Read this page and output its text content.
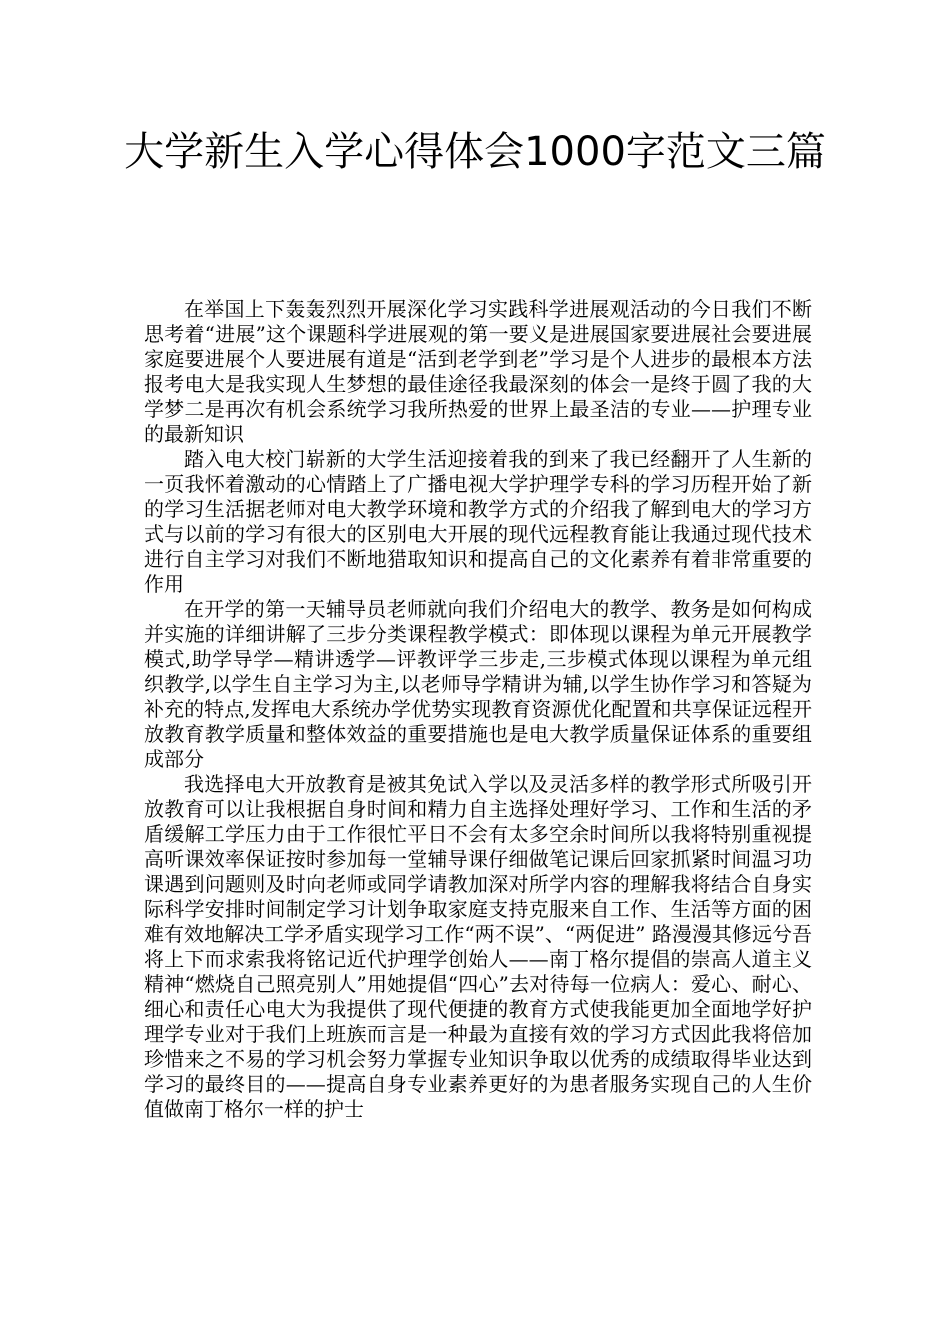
大学新生入学心得体会1000字范文三篇

在举国上下轰轰烈烈开展深化学习实践科学进展观活动的今日我们不断思考着“进展”这个课题科学进展观的第一要义是进展国家要进展社会要进展家庭要进展个人要进展有道是“活到老学到老”学习是个人进步的最根本方法报考电大是我实现人生梦想的最佳途径我最深刻的体会一是终于圆了我的大学梦二是再次有机会系统学习我所热爱的世界上最圣洁的专业——护理专业的最新知识

踏入电大校门崭新的大学生活迎接着我的到来了我已经翻开了人生新的一页我怀着激动的心情踏上了广播电视大学护理学专科的学习历程开始了新的学习生活据老师对电大教学环境和教学方式的介绍我了解到电大的学习方式与以前的学习有很大的区别电大开展的现代远程教育能让我通过现代技术进行自主学习对我们不断地猎取知识和提高自己的文化素养有着非常重要的作用

在开学的第一天辅导员老师就向我们介绍电大的教学、教务是如何构成并实施的详细讲解了三步分类课程教学模式：即体现以课程为单元开展教学模式,助学导学—精讲透学—评教评学三步走,三步模式体现以课程为单元组织教学,以学生自主学习为主,以老师导学精讲为辅,以学生协作学习和答疑为补充的特点,发挥电大系统办学优势实现教育资源优化配置和共享保证远程开放教育教学质量和整体效益的重要措施也是电大教学质量保证体系的重要组成部分

我选择电大开放教育是被其免试入学以及灵活多样的教学形式所吸引开放教育可以让我根据自身时间和精力自主选择处理好学习、工作和生活的矛盾缓解工学压力由于工作很忙平日不会有太多空余时间所以我将特别重视提高听课效率保证按时参加每一堂辅导课仔细做笔记课后回家抓紧时间温习功课遇到问题则及时向老师或同学请教加深对所学内容的理解我将结合自身实际科学安排时间制定学习计划争取家庭支持克服来自工作、生活等方面的困难有效地解决工学矛盾实现学习工作“两不误”、“两促进” 路漫漫其修远兮吾将上下而求索我将铭记近代护理学创始人——南丁格尔提倡的崇高人道主义精神“燃烧自己照亮别人”用她提倡“四心”去对待每一位病人：爱心、耐心、细心和责任心电大为我提供了现代便捷的教育方式使我能更加全面地学好护理学专业对于我们上班族而言是一种最为直接有效的学习方式因此我将倍加珍惜来之不易的学习机会努力掌握专业知识争取以优秀的成绩取得毕业达到学习的最终目的——提高自身专业素养更好的为患者服务实现自己的人生价值做南丁格尔一样的护士
